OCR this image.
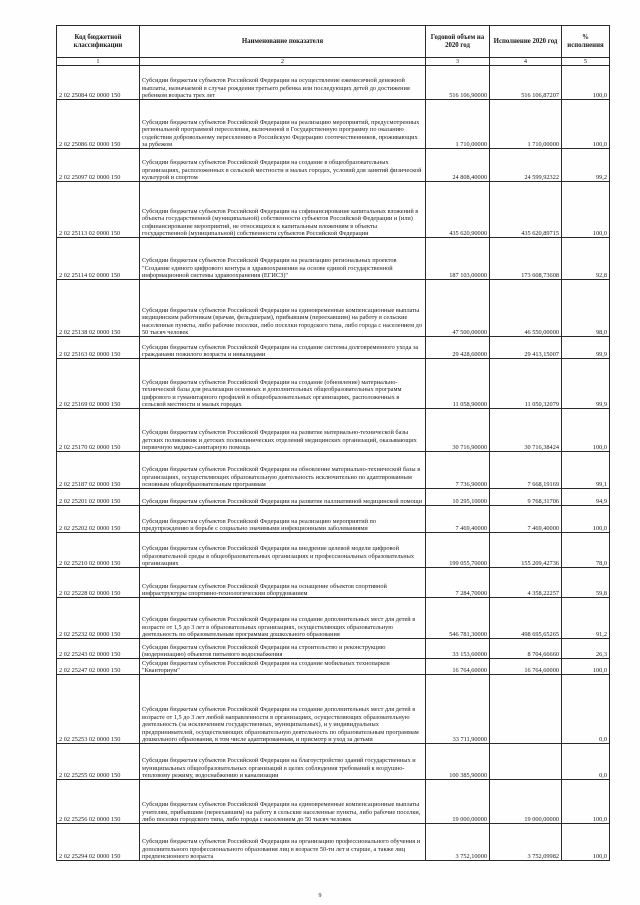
Код бюджетной классификации	Наименование показателя	Годовой объем на 2020 год	Исполнение 2020 год	% исполнения
1	2	3	4	5
2 02 25084 02 0000 150	Субсидии бюджетам субъектов Российской Федерации на осуществление ежемесячной денежной выплаты, назначаемой в случае рождения третьего ребенка или последующих детей до достижения ребенком возраста трех лет	516 106,90000	516 106,87207	100,0
2 02 25086 02 0000 150	Субсидии бюджетам субъектов Российской Федерации на реализацию мероприятий, предусмотренных региональной программой переселения, включенной в Государственную программу по оказанию содействия добровольному переселению в Российскую Федерацию соотечественников, проживающих за рубежом	1 710,00000	1 710,00000	100,0
2 02 25097 02 0000 150	Субсидии бюджетам субъектов Российской Федерации на создание в общеобразовательных организациях, расположенных в сельской местности и малых городах, условий для занятий физической культурой и спортом	24 808,40000	24 599,92322	99,2
2 02 25113 02 0000 150	Субсидии бюджетам субъектов Российской Федерации на софинансирование капитальных вложений в объекты государственной (муниципальной) собственности субъектов Российской Федерации и (или) софинансирование мероприятий, не относящихся к капитальным вложениям в объекты государственной (муниципальной) собственности субъектов Российской Федерации	435 620,90000	435 620,89715	100,0
2 02 25114 02 0000 150	Субсидии бюджетам субъектов Российской Федерации на реализацию региональных проектов "Создание единого цифрового контура в здравоохранении на основе единой государственной информационной системы здравоохранения (ЕГИСЗ)"	187 103,00000	173 608,73608	92,8
2 02 25138 02 0000 150	Субсидии бюджетам субъектов Российской Федерации на единовременные компенсационные выплаты медицинским работникам (врачам, фельдшерам), прибывшим (переехавшим) на работу в сельские населенные пункты, либо рабочие поселки, либо поселки городского типа, либо города с населением до 50 тысяч человек	47 500,00000	46 550,00000	98,0
2 02 25163 02 0000 150	Субсидии бюджетам субъектов Российской Федерации на создание системы долговременного ухода за гражданами пожилого возраста и инвалидами	29 428,60000	29 413,15007	99,9
2 02 25169 02 0000 150	Субсидии бюджетам субъектов Российской Федерации на создание (обновление) материально-технической базы для реализации основных и дополнительных общеобразовательных программ цифрового и гуманитарного профилей в общеобразовательных организациях, расположенных в сельской местности и малых городах	11 058,90000	11 050,32079	99,9
2 02 25170 02 0000 150	Субсидии бюджетам субъектов Российской Федерации на развитие материально-технической базы детских поликлиник и детских поликлинических отделений медицинских организаций, оказывающих первичную медико-санитарную помощь	30 716,90000	30 716,38424	100,0
2 02 25187 02 0000 150	Субсидии бюджетам субъектов Российской Федерации на обновление материально-технической базы в организациях, осуществляющих образовательную деятельность исключительно по адаптированным основным общеобразовательным программам	7 736,90000	7 668,19169	99,1
2 02 25201 02 0000 150	Субсидии бюджетам субъектов Российской Федерации на развитие паллиативной медицинской помощи	10 295,10000	9 768,31706	94,9
2 02 25202 02 0000 150	Субсидии бюджетам субъектов Российской Федерации на реализацию мероприятий по предупреждению и борьбе с социально значимыми инфекционными заболеваниями	7 469,40000	7 469,40000	100,0
2 02 25210 02 0000 150	Субсидии бюджетам субъектов Российской Федерации на внедрение целевой модели цифровой образовательной среды в общеобразовательных организациях и профессиональных образовательных организациях	199 055,70000	155 209,42736	78,0
2 02 25228 02 0000 150	Субсидии бюджетам субъектов Российской Федерации на оснащение объектов спортивной инфраструктуры спортивно-технологическим оборудованием	7 284,70000	4 358,22257	59,8
2 02 25232 02 0000 150	Субсидии бюджетам субъектов Российской Федерации на создание дополнительных мест для детей в возрасте от 1,5 до 3 лет в образовательных организациях, осуществляющих образовательную деятельность по образовательным программам дошкольного образования	546 781,30000	498 695,65265	91,2
2 02 25243 02 0000 150	Субсидии бюджетам субъектов Российской Федерации на строительство и реконструкцию (модернизацию) объектов питьевого водоснабжения	33 153,60000	8 704,66660	26,3
2 02 25247 02 0000 150	Субсидии бюджетам субъектов Российской Федерации на создание мобильных технопарков "Кванториум"	16 764,60000	16 764,60000	100,0
2 02 25253 02 0000 150	Субсидии бюджетам субъектов Российской Федерации на создание дополнительных мест для детей в возрасте от 1,5 до 3 лет любой направленности в организациях, осуществляющих образовательную деятельность (за исключением государственных, муниципальных), и у индивидуальных предпринимателей, осуществляющих образовательную деятельность по образовательным программам дошкольного образования, в том числе адаптированным, и присмотр и уход за детьми	33 711,90000		0,0
2 02 25255 02 0000 150	Субсидии бюджетам субъектов Российской Федерации на благоустройство зданий государственных и муниципальных общеобразовательных организаций в целях соблюдения требований к воздушно-тепловому режиму, водоснабжению и канализации	100 385,90000		0,0
2 02 25256 02 0000 150	Субсидии бюджетам субъектов Российской Федерации на единовременные компенсационные выплаты учителям, прибывшим (переехавшим) на работу в сельские населенные пункты, либо рабочие поселки, либо поселки городского типа, либо города с населением до 50 тысяч человек	19 000,00000	19 000,00000	100,0
2 02 25294 02 0000 150	Субсидии бюджетам субъектов Российской Федерации на организацию профессионального обучения и дополнительного профессионального образования лиц в возрасте 50-ти лет и старше, а также лиц предпенсионного возраста	3 752,10000	3 752,09982	100,0
9
